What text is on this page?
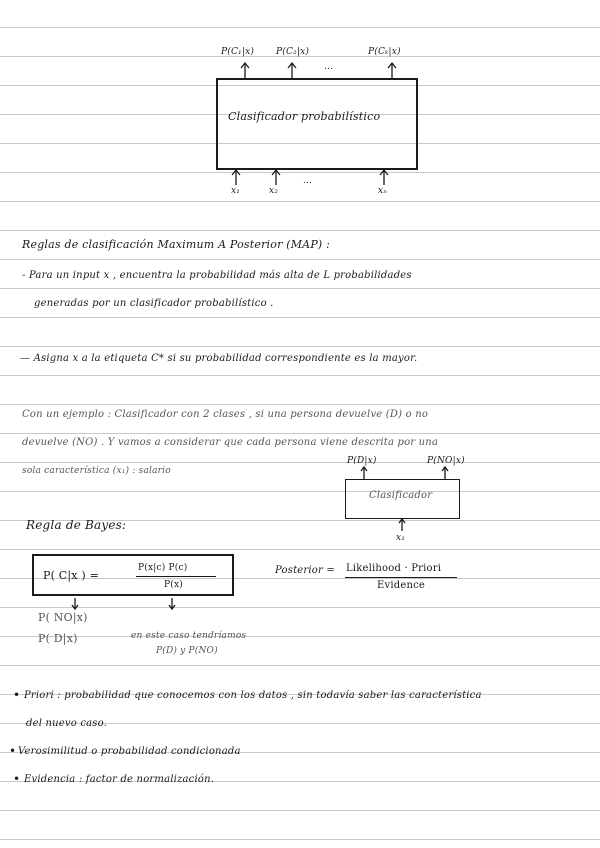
P(C₁|x) P(C₂|x)
...
P(Cₖ|x)
Clasificador probabilístico
x₁	x₂
...
xₙ
Reglas de clasificación Maximum A Posterior (MAP) :
- Para un input x , encuentra la probabilidad más alta de L probabilidades
generadas por un clasificador probabilístico .
— Asigna x a la etiqueta C* si su probabilidad correspondiente es la mayor.
Con un ejemplo : Clasificador con 2 clases , si una persona devuelve (D) o no
devuelve (NO) . Y vamos a considerar que cada persona viene descrita por una
sola característica (x₁) : salario
P(D|x)	P(NO|x)
Clasificador
x₁
Regla de Bayes:
P( C|x ) =
P(x|c) P(c)
P(x)
Posterior = Likelihood · Priori
Evidence
P( NO|x)
P( D|x)	en este caso tendríamos
P(D) y P(NO)
• Priori : probabilidad que conocemos con los datos , sin todavía saber las característica
del nuevo caso.
• Verosimilitud o probabilidad condicionada
• Evidencia : factor de normalización.
